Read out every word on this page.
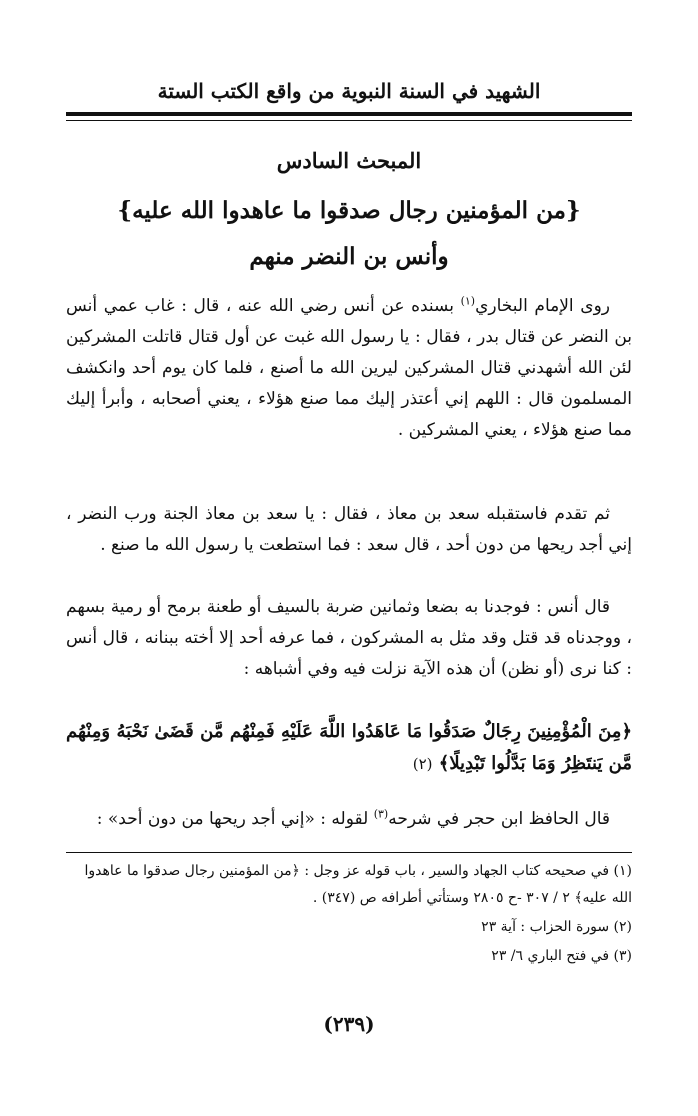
الشهيد في السنة النبوية من واقع الكتب الستة
المبحث السادس
{من المؤمنين رجال صدقوا ما عاهدوا الله عليه}
وأنس بن النضر منهم

روى الإمام البخاري$^{(١)}$ بسنده عن أنس رضي الله عنه ، قال : غاب عمي أنس بن النضر عن قتال بدر ، فقال : يا رسول الله غبت عن أول قتال قاتلت المشركين لئن الله أشهدني قتال المشركين ليرين الله ما أصنع ، فلما كان يوم أحد وانكشف المسلمون قال : اللهم إني أعتذر إليك مما صنع هؤلاء ، يعني أصحابه ، وأبرأ إليك مما صنع هؤلاء ، يعني المشركين .

ثم تقدم فاستقبله سعد بن معاذ ، فقال : يا سعد بن معاذ الجنة ورب النضر ، إني أجد ريحها من دون أحد ، قال سعد : فما استطعت يا رسول الله ما صنع .

قال أنس : فوجدنا به بضعا وثمانين ضربة بالسيف أو طعنة برمح أو رمية بسهم ، ووجدناه قد قتل وقد مثل به المشركون ، فما عرفه أحد إلا أخته ببنانه ، قال أنس : كنا نرى (أو نظن) أن هذه الآية نزلت فيه وفي أشباهه :

﴿مِنَ الْمُؤْمِنِينَ رِجَالٌ صَدَقُوا مَا عَاهَدُوا اللَّهَ عَلَيْهِ فَمِنْهُم مَّن قَضَىٰ نَحْبَهُ وَمِنْهُم مَّن يَنتَظِرُ وَمَا بَدَّلُوا تَبْدِيلًا﴾ (٢)

قال الحافظ ابن حجر في شرحه$^{(٣)}$ لقوله : «إني أجد ريحها من دون أحد» :

(١) في صحيحه كتاب الجهاد والسير ، باب قوله عز وجل : ﴿من المؤمنين رجال صدقوا ما عاهدوا الله عليه﴾ ٢ / ٣٠٧ -ح ٢٨٠٥ وستأتي أطرافه ص (٣٤٧) .

(٢) سورة الحزاب : آية ٢٣

(٣) في فتح الباري ٦/ ٢٣

(٢٣٩)
